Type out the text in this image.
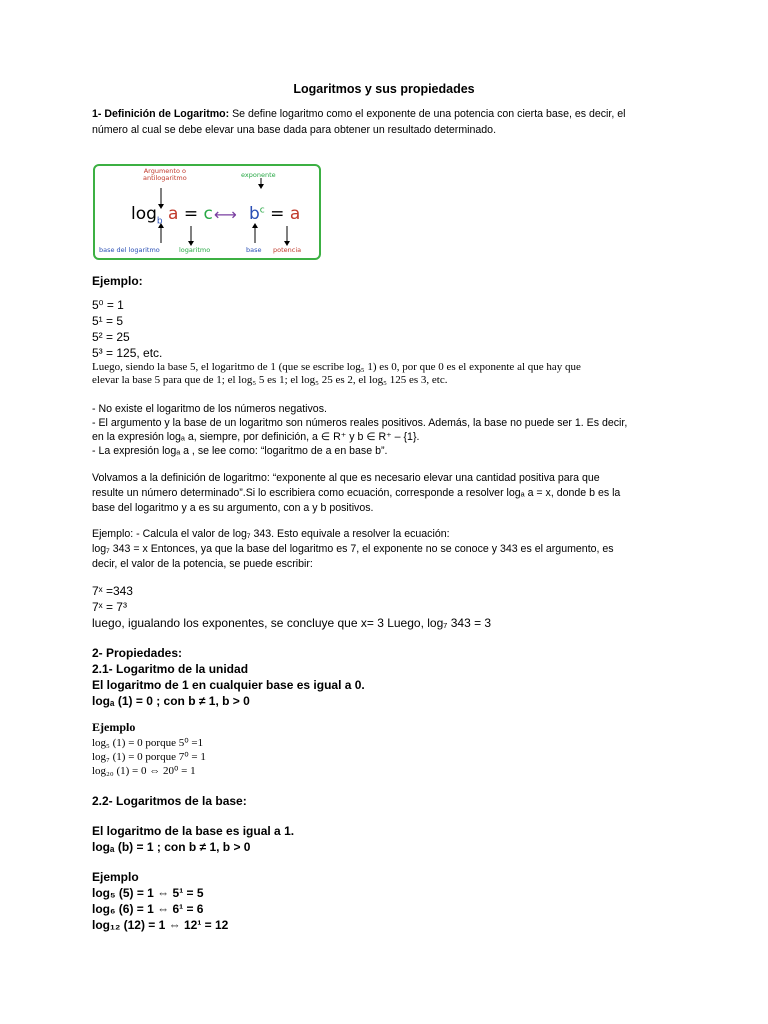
Logaritmos y sus propiedades
1- Definición de Logaritmo: Se define logaritmo como el exponente de una potencia con cierta base, es decir, el
número al cual se debe elevar una base dada para obtener un resultado determinado.
Argumento o
antilogaritmo	exponente
$\log_b a = c$ ⟷ $b^c = a$
base del logaritmo	logaritmo	base potencia
Ejemplo:
5⁰ = 1
5¹ = 5
5² = 25
5³ = 125, etc.
Luego, siendo la base 5, el logaritmo de 1 (que se escribe log₅ 1) es 0, por que 0 es el exponente al que hay que
elevar la base 5 para que de 1; el log₅ 5 es 1; el log₅ 25 es 2, el log₅ 125 es 3, etc.
- No existe el logaritmo de los números negativos.
- El argumento y la base de un logaritmo son números reales positivos. Además, la base no puede ser 1. Es decir,
en la expresión logₐ a, siempre, por definición, a ∈ R⁺ y b ∈ R⁺ – {1}.
- La expresión logₐ a , se lee como: “logaritmo de a en base b”.
Volvamos a la definición de logaritmo: “exponente al que es necesario elevar una cantidad positiva para que
resulte un número determinado”.Si lo escribiera como ecuación, corresponde a resolver logₐ a = x, donde b es la
base del logaritmo y a es su argumento, con a y b positivos.
Ejemplo: - Calcula el valor de log₇ 343. Esto equivale a resolver la ecuación:
log₇ 343 = x Entonces, ya que la base del logaritmo es 7, el exponente no se conoce y 343 es el argumento, es
decir, el valor de la potencia, se puede escribir:
7ˣ =343
7ˣ = 7³
luego, igualando los exponentes, se concluye que x= 3 Luego, log₇ 343 = 3
2- Propiedades:
2.1- Logaritmo de la unidad
El logaritmo de 1 en cualquier base es igual a 0.
logₐ (1) = 0 ; con b ≠ 1, b > 0
Ejemplo
log₅ (1) = 0 porque 5⁰ =1
log₇ (1) = 0 porque 7⁰ = 1
log₂₀ (1) = 0 ⇔ 20⁰ = 1
2.2- Logaritmos de la base:
El logaritmo de la base es igual a 1.
logₐ (b) = 1 ; con b ≠ 1, b > 0
Ejemplo
log₅ (5) = 1 ⇔ 5¹ = 5
log₆ (6) = 1 ⇔ 6¹ = 6
log₁₂ (12) = 1 ⇔ 12¹ = 12
